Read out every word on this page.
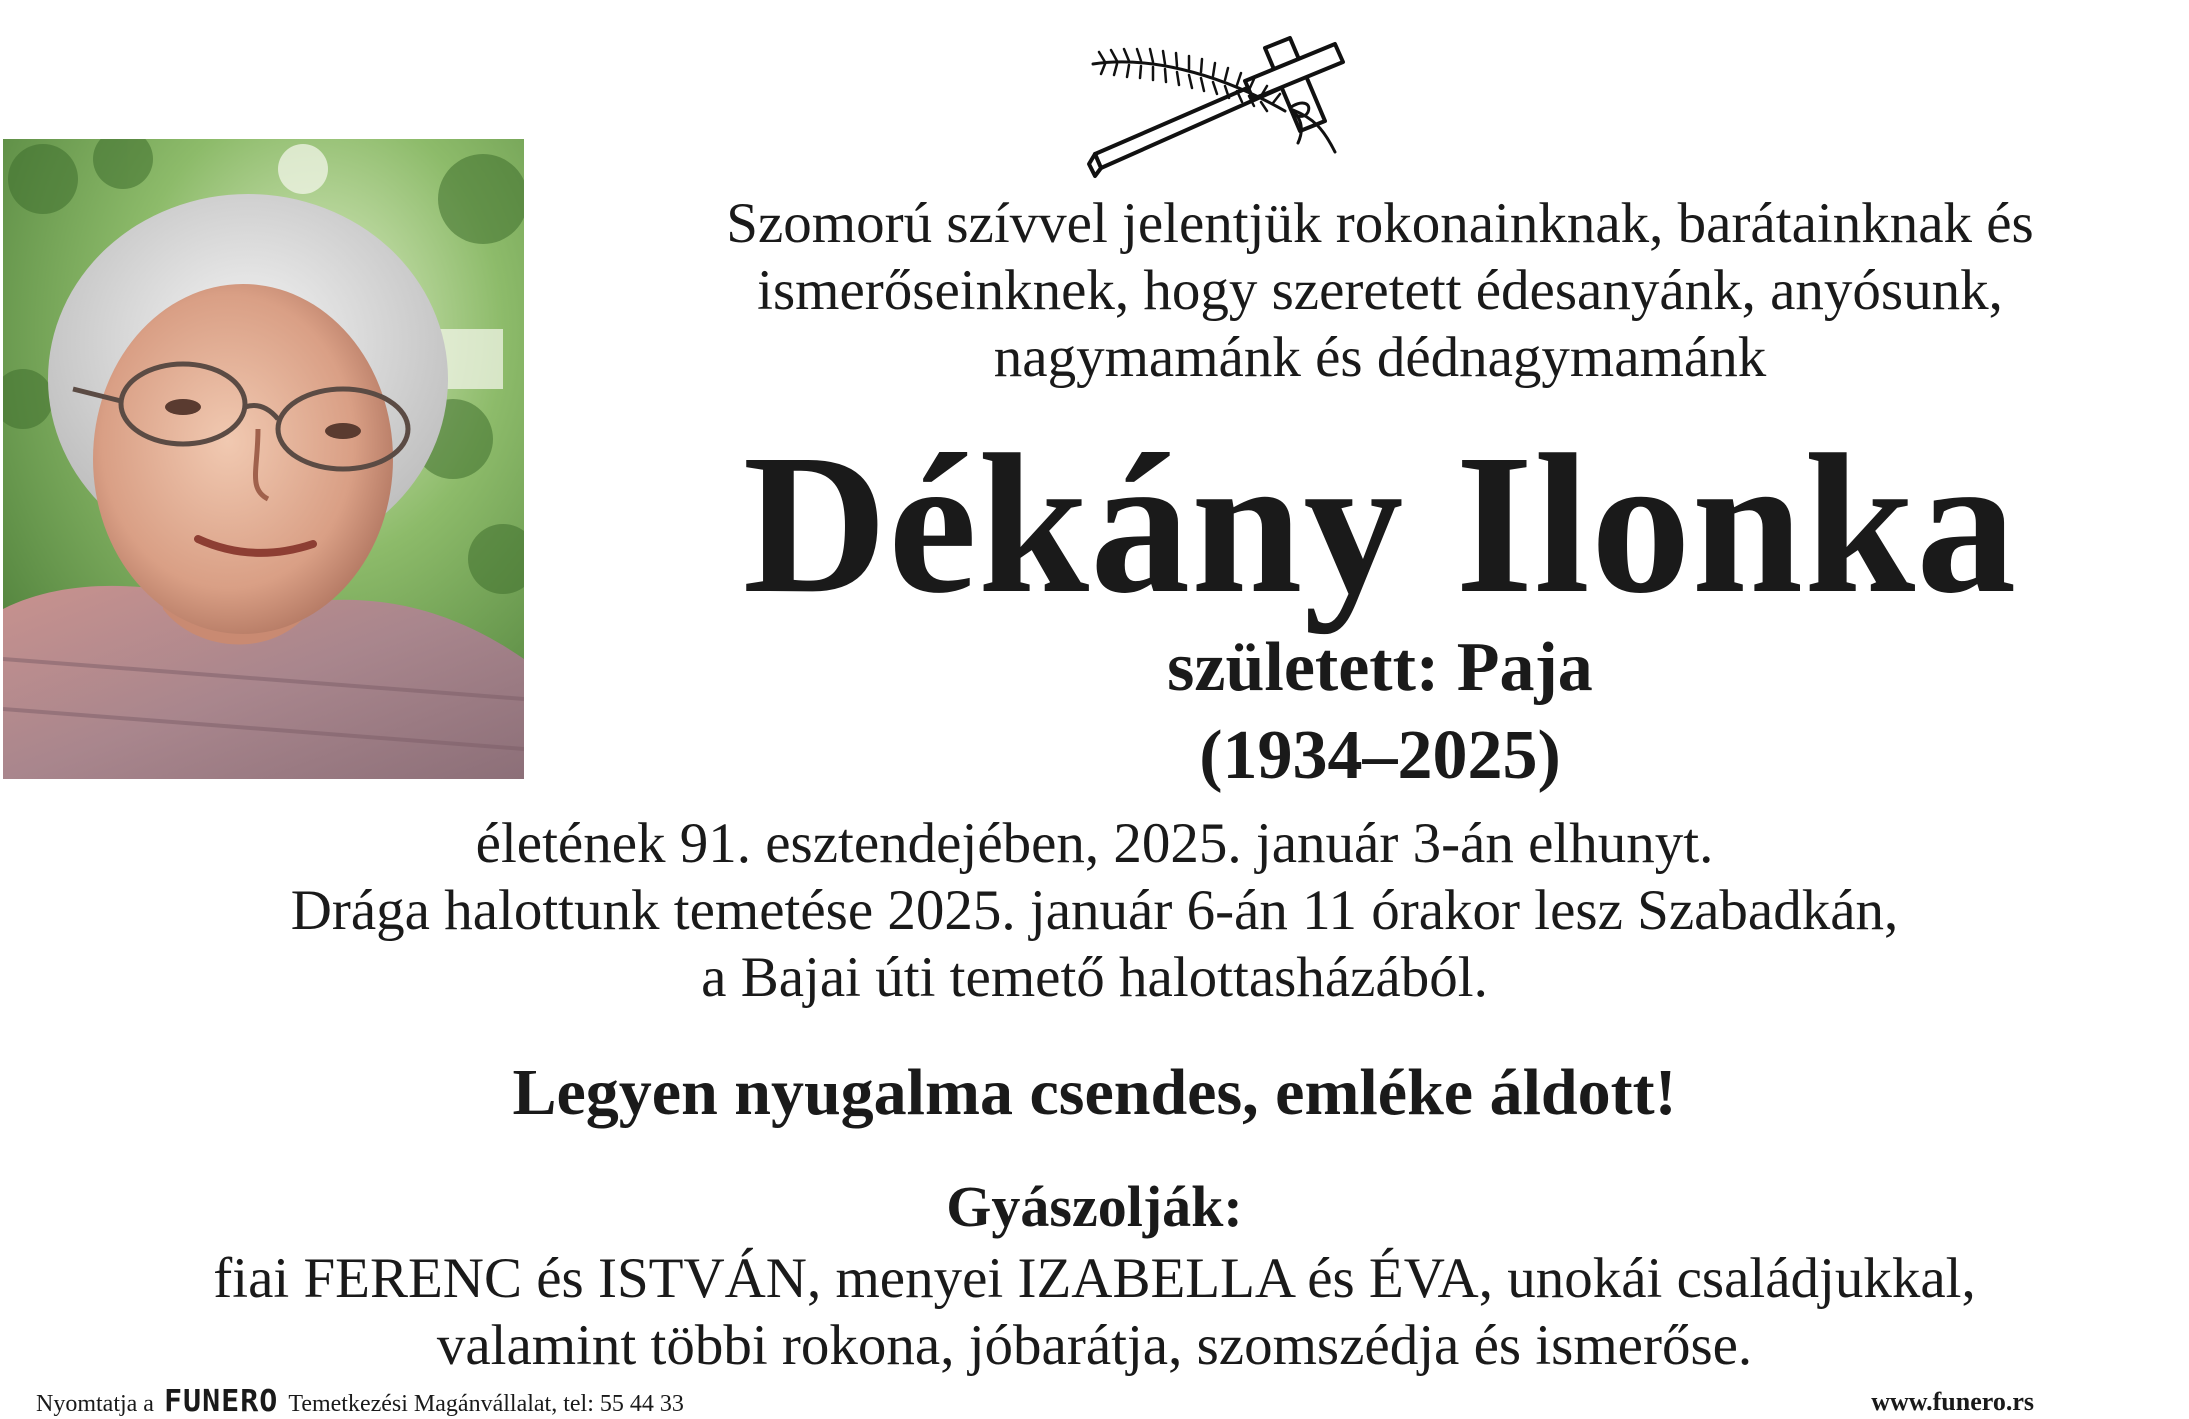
Szomorú szívvel jelentjük rokonainknak, barátainknak és
ismerőseinknek, hogy szeretett édesanyánk, anyósunk,
nagymamánk és dédnagymamánk
Dékány Ilonka
született: Paja
(1934–2025)
életének 91. esztendejében, 2025. január 3-án elhunyt.
Drága halottunk temetése 2025. január 6-án 11 órakor lesz Szabadkán,
a Bajai úti temető halottasházából.
Legyen nyugalma csendes, emléke áldott!
Gyászolják:
fiai FERENC és ISTVÁN, menyei IZABELLA és ÉVA, unokái családjukkal,
valamint többi rokona, jóbarátja, szomszédja és ismerőse.
Nyomtatja a FUNERO Temetkezési Magánvállalat, tel: 55 44 33	www.funero.rs
